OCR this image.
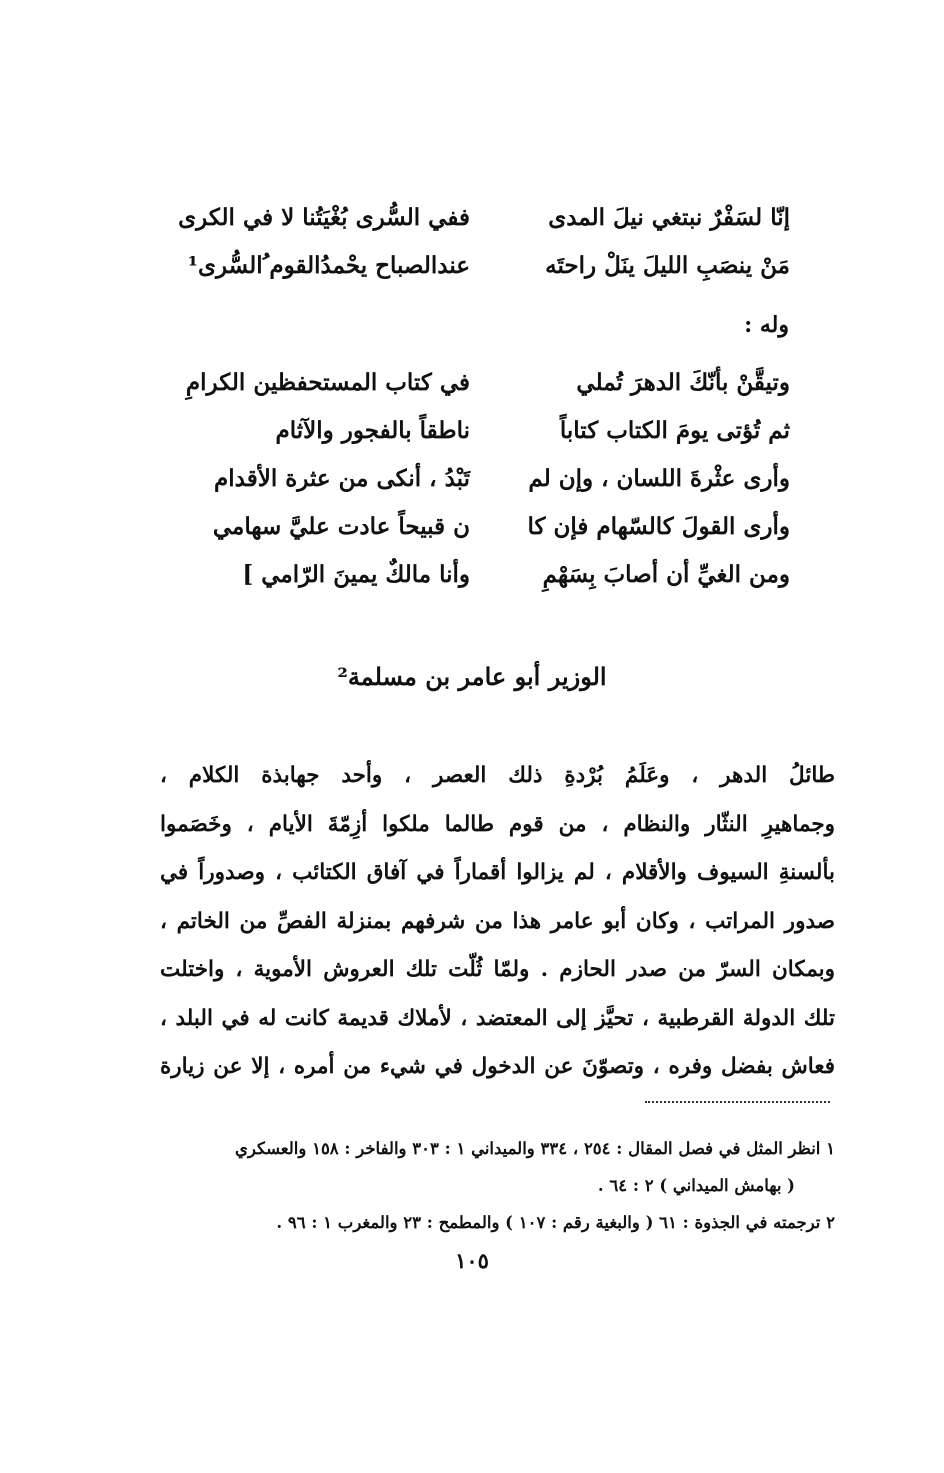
إنّا لسَفْرٌ نبتغي نيلَ المدى
ففي السُّرى بُغْيَتُنا لا في الكرى
مَنْ ينصَبِ الليلَ ينَلْ راحتَه
عندالصباح يحْمدُالقوم ُالسُّرى¹
وله :
وتيقَّنْ بأنّكَ الدهرَ تُملي
في كتاب المستحفظين الكرامِ
ثم تُؤتى يومَ الكتاب كتاباً
ناطقاً بالفجور والآثام
وأرى عثْرةَ اللسان ، وإن لم
تَبْدُ ، أنكى من عثرة الأقدام
وأرى القولَ كالسّهام فإن كا
ن قبيحاً عادت عليَّ سهامي
ومن الغيِّ أن أصابَ بِسَهْمِ
وأنا مالكٌ يمينَ الرّامي ]
الوزير أبو عامر بن مسلمة²
طائلُ الدهر ، وعَلَمُ بُرْدةِ ذلك العصر ، وأحد جهابذة الكلام ،
وجماهيرِ النثّار والنظام ، من قوم طالما ملكوا أزِمّةَ الأيام ، وخَصَموا
بألسنةِ السيوف والأقلام ، لم يزالوا أقماراً في آفاق الكتائب ، وصدوراً في
صدور المراتب ، وكان أبو عامر هذا من شرفهم بمنزلة الفصِّ من الخاتم ،
وبمكان السرّ من صدر الحازم . ولمّا ثُلّت تلك العروش الأموية ، واختلت
تلك الدولة القرطبية ، تحيَّز إلى المعتضد ، لأملاك قديمة كانت له في البلد ،
فعاش بفضل وفره ، وتصوّنَ عن الدخول في شيء من أمره ، إلا عن زيارة
١ انظر المثل في فصل المقال : ٢٥٤ ، ٣٣٤ والميداني ١ : ٣٠٣ والفاخر : ١٥٨ والعسكري
( بهامش الميداني ) ٢ : ٦٤ .
٢ ترجمته في الجذوة : ٦١ ( والبغية رقم : ١٠٧ ) والمطمح : ٢٣ والمغرب ١ : ٩٦ .
١٠٥
